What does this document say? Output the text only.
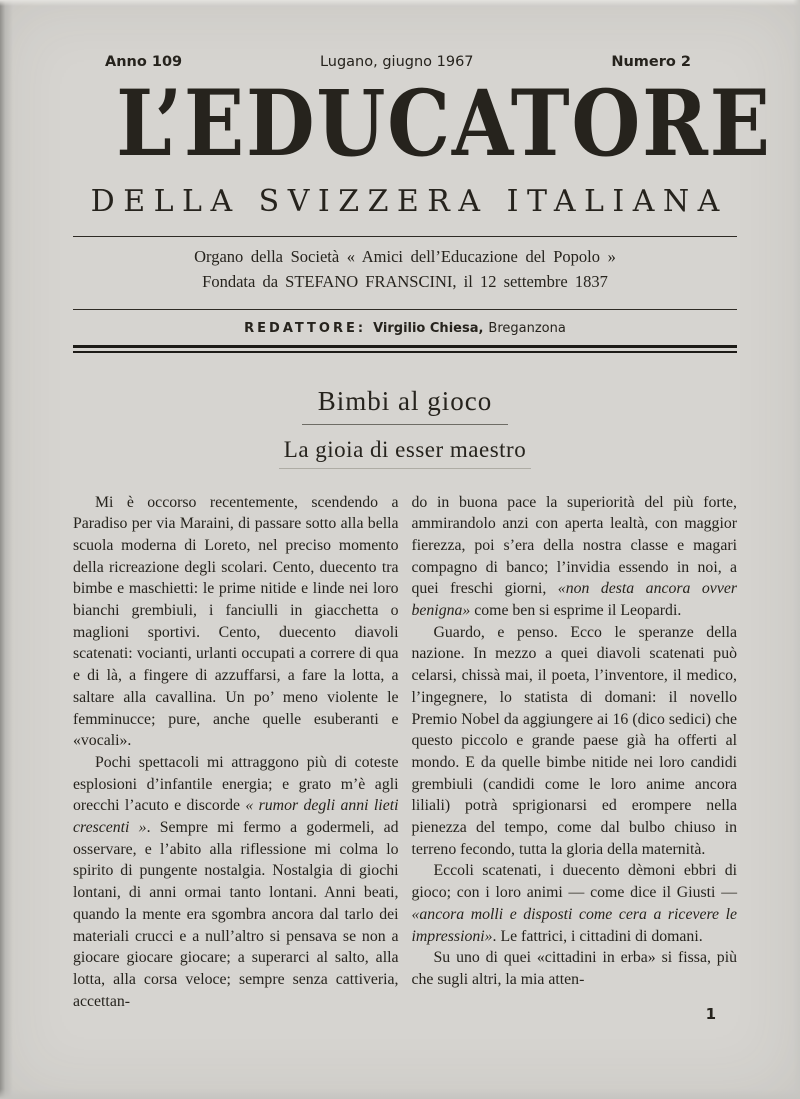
Anno 109	Lugano, giugno 1967	Numero 2
L’EDUCATORE
DELLA SVIZZERA ITALIANA
Organo della Società « Amici dell’Educazione del Popolo »
Fondata da STEFANO FRANSCINI, il 12 settembre 1837
REDATTORE: Virgilio Chiesa, Breganzona
Bimbi al gioco
La gioia di esser maestro

Mi è occorso recentemente, scendendo a Paradiso per via Maraini, di passare sotto alla bella scuola moderna di Loreto, nel preciso momento della ricreazione degli scolari. Cento, duecento tra bimbe e maschietti: le prime nitide e linde nei loro bianchi grembiuli, i fanciulli in giacchetta o maglioni sportivi. Cento, duecento diavoli scatenati: vocianti, urlanti occupati a correre di qua e di là, a fingere di azzuffarsi, a fare la lotta, a saltare alla cavallina. Un po’ meno violente le femminucce; pure, anche quelle esuberanti e «vocali».

Pochi spettacoli mi attraggono più di coteste esplosioni d’infantile energia; e grato m’è agli orecchi l’acuto e discorde « rumor degli anni lieti crescenti ». Sempre mi fermo a godermeli, ad osservare, e l’abito alla riflessione mi colma lo spirito di pungente nostalgia. Nostalgia di giochi lontani, di anni ormai tanto lontani. Anni beati, quando la mente era sgombra ancora dal tarlo dei materiali crucci e a null’altro si pensava se non a giocare giocare giocare; a superarci al salto, alla lotta, alla corsa veloce; sempre senza cattiveria, accettan-

do in buona pace la superiorità del più forte, ammirandolo anzi con aperta lealtà, con maggior fierezza, poi s’era della nostra classe e magari compagno di banco; l’invidia essendo in noi, a quei freschi giorni, «non desta ancora ovver benigna» come ben si esprime il Leopardi.

Guardo, e penso. Ecco le speranze della nazione. In mezzo a quei diavoli scatenati può celarsi, chissà mai, il poeta, l’inventore, il medico, l’ingegnere, lo statista di domani: il novello Premio Nobel da aggiungere ai 16 (dico sedici) che questo piccolo e grande paese già ha offerti al mondo. E da quelle bimbe nitide nei loro candidi grembiuli (candidi come le loro anime ancora liliali) potrà sprigionarsi ed erompere nella pienezza del tempo, come dal bulbo chiuso in terreno fecondo, tutta la gloria della maternità.

Eccoli scatenati, i duecento dèmoni ebbri di gioco; con i loro animi — come dice il Giusti — «ancora molli e disposti come cera a ricevere le impressioni». Le fattrici, i cittadini di domani.

Su uno di quei «cittadini in erba» si fissa, più che sugli altri, la mia atten-

1
